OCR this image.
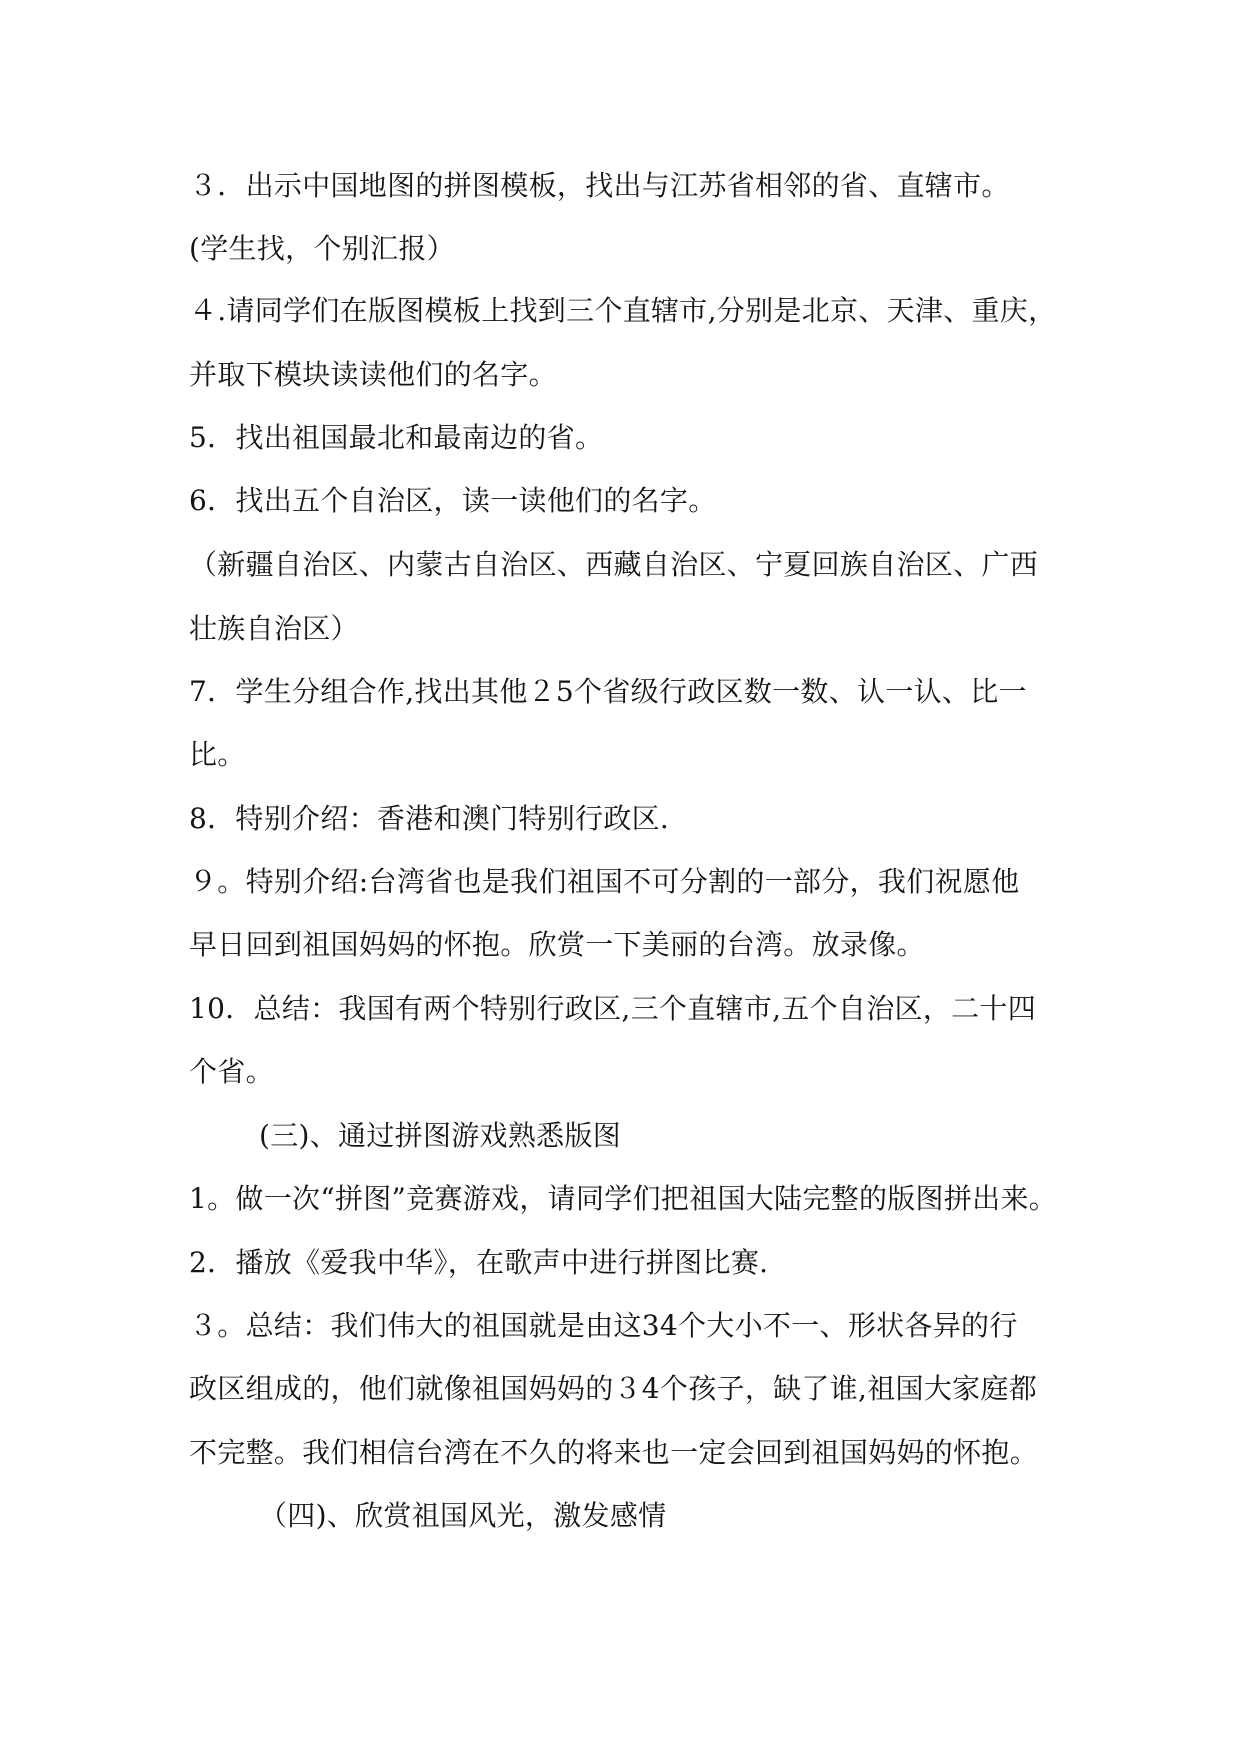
３．出示中国地图的拼图模板，找出与江苏省相邻的省、直辖市。
(学生找，个别汇报）
４.请同学们在版图模板上找到三个直辖市,分别是北京、天津、重庆，
并取下模块读读他们的名字。
5．找出祖国最北和最南边的省。
6．找出五个自治区，读一读他们的名字。
（新疆自治区、内蒙古自治区、西藏自治区、宁夏回族自治区、广西
壮族自治区）
7．学生分组合作,找出其他２5个省级行政区数一数、认一认、比一
比。
8．特别介绍：香港和澳门特别行政区.
９。特别介绍:台湾省也是我们祖国不可分割的一部分，我们祝愿他
早日回到祖国妈妈的怀抱。欣赏一下美丽的台湾。放录像。
10．总结：我国有两个特别行政区,三个直辖市,五个自治区，二十四
个省。
(三)、通过拼图游戏熟悉版图
1。做一次“拼图”竞赛游戏，请同学们把祖国大陆完整的版图拼出来。
2．播放《爱我中华》，在歌声中进行拼图比赛.
３。总结：我们伟大的祖国就是由这34个大小不一、形状各异的行
政区组成的，他们就像祖国妈妈的３4个孩子，缺了谁,祖国大家庭都
不完整。我们相信台湾在不久的将来也一定会回到祖国妈妈的怀抱。
（四)、欣赏祖国风光，激发感情
